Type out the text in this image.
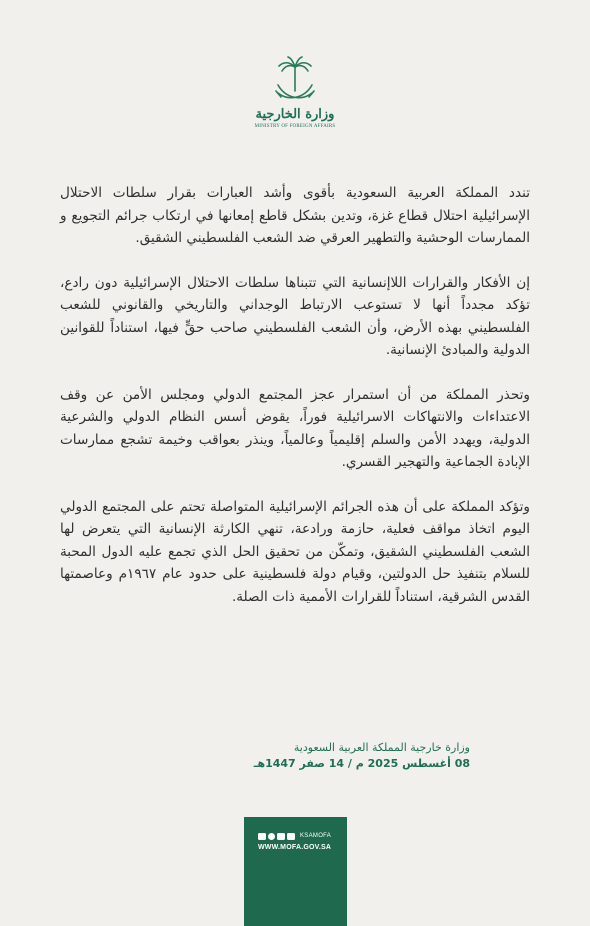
وزارة الخارجية
MINISTRY OF FOREIGN AFFAIRS

تندد المملكة العربية السعودية بأقوى وأشد العبارات بقرار سلطات الاحتلال الإسرائيلية احتلال قطاع غزة، وتدين بشكل قاطع إمعانها في ارتكاب جرائم التجويع و الممارسات الوحشية والتطهير العرقي ضد الشعب الفلسطيني الشقيق.

إن الأفكار والقرارات اللاإنسانية التي تتبناها سلطات الاحتلال الإسرائيلية دون رادع، تؤكد مجدداً أنها لا تستوعب الارتباط الوجداني والتاريخي والقانوني للشعب الفلسطيني بهذه الأرض، وأن الشعب الفلسطيني صاحب حقٍّ فيها، استناداً للقوانين الدولية والمبادئ الإنسانية.

وتحذر المملكة من أن استمرار عجز المجتمع الدولي ومجلس الأمن عن وقف الاعتداءات والانتهاكات الاسرائيلية فوراً، يقوض أسس النظام الدولي والشرعية الدولية، ويهدد الأمن والسلم إقليمياً وعالمياً، وينذر بعواقب وخيمة تشجع ممارسات الإبادة الجماعية والتهجير القسري.

وتؤكد المملكة على أن هذه الجرائم الإسرائيلية المتواصلة تحتم على المجتمع الدولي اليوم اتخاذ مواقف فعلية، حازمة ورادعة، تنهي الكارثة الإنسانية التي يتعرض لها الشعب الفلسطيني الشقيق، وتمكّن من تحقيق الحل الذي تجمع عليه الدول المحبة للسلام بتنفيذ حل الدولتين، وقيام دولة فلسطينية على حدود عام ١٩٦٧م وعاصمتها القدس الشرقية، استناداً للقرارات الأممية ذات الصلة.

وزارة خارجية المملكة العربية السعودية
08 أغسطس 2025 م / 14 صفر 1447هـ
KSAMOFA
WWW.MOFA.GOV.SA
